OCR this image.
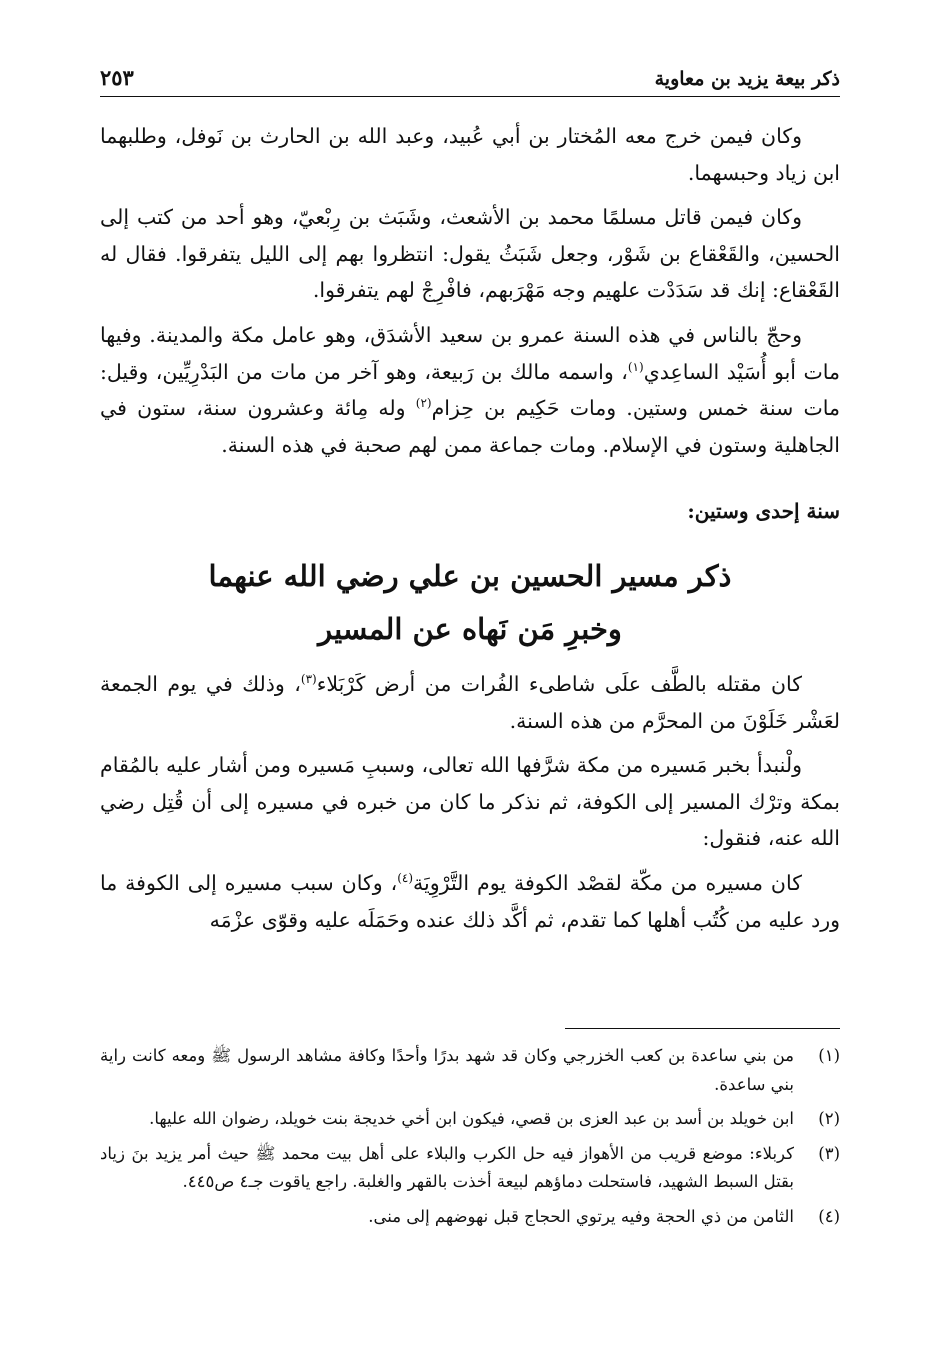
ذكر بيعة يزيد بن معاوية
٢٥٣

وكان فيمن خرج معه المُختار بن أبي عُبيد، وعبد الله بن الحارث بن نَوفل، وطلبهما ابن زياد وحبسهما.

وكان فيمن قاتل مسلمًا محمد بن الأشعث، وشَبَث بن رِبْعيّ، وهو أحد من كتب إلى الحسين، والقَعْقاع بن شَوْر، وجعل شَبَثُ يقول: انتظروا بهم إلى الليل يتفرقوا. فقال له القَعْقاع: إنك قد سَدَدْت علهيم وجه مَهْرَبهم، فافْرِجْ لهم يتفرقوا.

وحجّ بالناس في هذه السنة عمرو بن سعيد الأشدَق، وهو عامل مكة والمدينة. وفيها مات أبو أُسَيْد الساعِدي$^{(١)}$، واسمه مالك بن رَبيعة، وهو آخر من مات من البَدْرِيِّين، وقيل: مات سنة خمس وستين. ومات حَكِيم بن حِزام$^{(٢)}$ وله مِائة وعشرون سنة، ستون في الجاهلية وستون في الإسلام. ومات جماعة ممن لهم صحبة في هذه السنة.

سنة إحدى وستين:

ذكر مسير الحسين بن علي رضي الله عنهما
وخبرِ مَن نَهاه عن المسير

كان مقتله بالطَّف علَى شاطىء الفُرات من أرض كَرْبَلاء$^{(٣)}$، وذلك في يوم الجمعة لعَشْر خَلَوْنَ من المحرَّم من هذه السنة.

ولْنبدأ بخبر مَسيره من مكة شرَّفها الله تعالى، وسببِ مَسيره ومن أشار عليه بالمُقام بمكة وترْك المسير إلى الكوفة، ثم نذكر ما كان من خبره في مسيره إلى أن قُتِل رضي الله عنه، فنقول:

كان مسيره من مكّة لقصْد الكوفة يوم التَّرْوِيَة$^{(٤)}$، وكان سبب مسيره إلى الكوفة ما ورد عليه من كُتُب أهلها كما تقدم، ثم أكَّد ذلك عنده وحَمَلَه عليه وقوّى عزْمَه

(١)
من بني ساعدة بن كعب الخزرجي وكان قد شهد بدرًا وأحدًا وكافة مشاهد الرسول ﷺ ومعه كانت راية بني ساعدة.
(٢)
ابن خويلد بن أسد بن عبد العزى بن قصي، فيكون ابن أخي خديجة بنت خويلد، رضوان الله عليها.
(٣)
كربلاء: موضع قريب من الأهواز فيه حل الكرب والبلاء على أهل بيت محمد ﷺ حيث أمر يزيد بنَ زياد بقتل السبط الشهيد، فاستحلت دماؤهم لبيعة أخذت بالقهر والغلبة. راجع ياقوت جـ٤ ص٤٤٥.
(٤)
الثامن من ذي الحجة وفيه يرتوي الحجاج قبل نهوضهم إلى منى.
